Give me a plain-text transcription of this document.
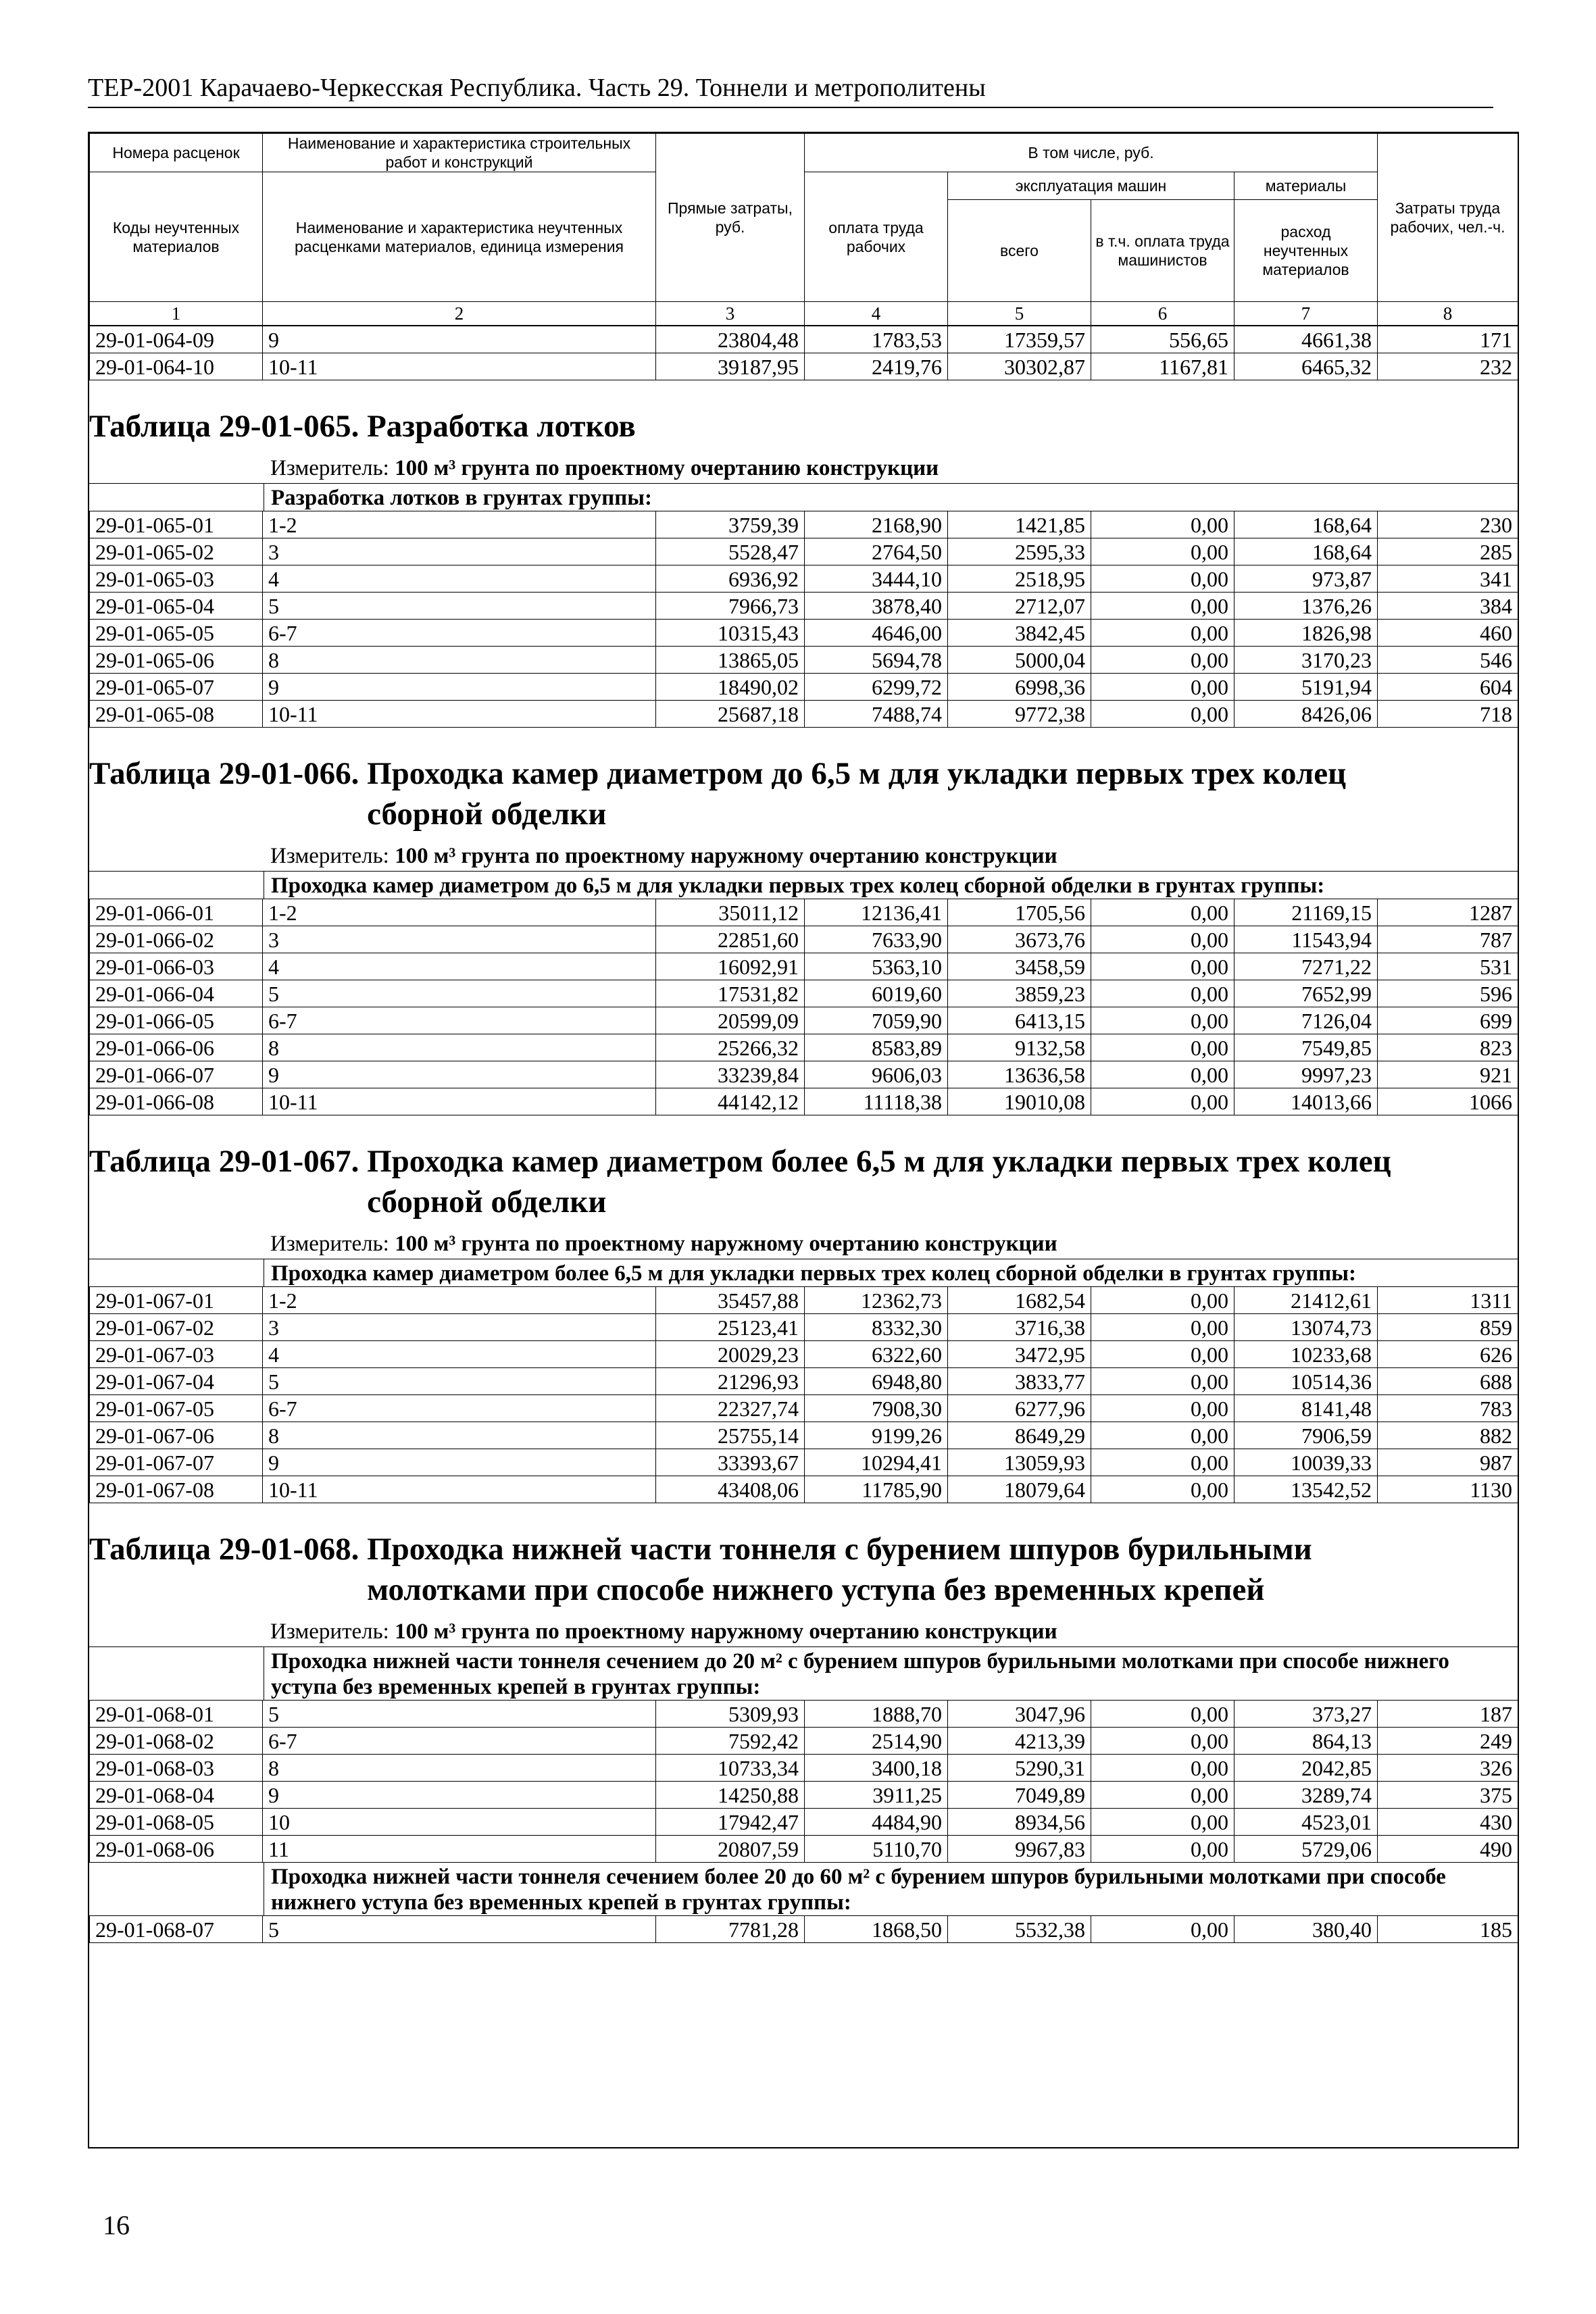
ТЕР-2001 Карачаево-Черкесская Республика. Часть 29. Тоннели и метрополитены
Номера расценок	Наименование и характеристика строительных работ и конструкций	Прямые затраты, руб.	В том числе, руб.				Затраты труда рабочих, чел.-ч.
Коды неучтенных материалов	Наименование и характеристика неучтенных расценками материалов, единица измерения		оплата труда рабочих	эксплуатация машин		материалы	
				всего	в т.ч. оплата труда машинистов	расход неучтенных материалов	
1	2	3	4	5	6	7	8
29-01-064-09	9	23804,48	1783,53	17359,57	556,65	4661,38	171
29-01-064-10	10-11	39187,95	2419,76	30302,87	1167,81	6465,32	232
Таблица 29-01-065. Разработка лотков
Измеритель: 100 м³ грунта по проектному очертанию конструкции
Разработка лотков в грунтах группы:
29-01-065-01	1-2	3759,39	2168,90	1421,85	0,00	168,64	230
29-01-065-02	3	5528,47	2764,50	2595,33	0,00	168,64	285
29-01-065-03	4	6936,92	3444,10	2518,95	0,00	973,87	341
29-01-065-04	5	7966,73	3878,40	2712,07	0,00	1376,26	384
29-01-065-05	6-7	10315,43	4646,00	3842,45	0,00	1826,98	460
29-01-065-06	8	13865,05	5694,78	5000,04	0,00	3170,23	546
29-01-065-07	9	18490,02	6299,72	6998,36	0,00	5191,94	604
29-01-065-08	10-11	25687,18	7488,74	9772,38	0,00	8426,06	718
Таблица 29-01-066. Проходка камер диаметром до 6,5 м для укладки первых трех колец сборной обделки
Измеритель: 100 м³ грунта по проектному наружному очертанию конструкции
Проходка камер диаметром до 6,5 м для укладки первых трех колец сборной обделки в грунтах группы:
29-01-066-01	1-2	35011,12	12136,41	1705,56	0,00	21169,15	1287
29-01-066-02	3	22851,60	7633,90	3673,76	0,00	11543,94	787
29-01-066-03	4	16092,91	5363,10	3458,59	0,00	7271,22	531
29-01-066-04	5	17531,82	6019,60	3859,23	0,00	7652,99	596
29-01-066-05	6-7	20599,09	7059,90	6413,15	0,00	7126,04	699
29-01-066-06	8	25266,32	8583,89	9132,58	0,00	7549,85	823
29-01-066-07	9	33239,84	9606,03	13636,58	0,00	9997,23	921
29-01-066-08	10-11	44142,12	11118,38	19010,08	0,00	14013,66	1066
Таблица 29-01-067. Проходка камер диаметром более 6,5 м для укладки первых трех колец сборной обделки
Измеритель: 100 м³ грунта по проектному наружному очертанию конструкции
Проходка камер диаметром более 6,5 м для укладки первых трех колец сборной обделки в грунтах группы:
29-01-067-01	1-2	35457,88	12362,73	1682,54	0,00	21412,61	1311
29-01-067-02	3	25123,41	8332,30	3716,38	0,00	13074,73	859
29-01-067-03	4	20029,23	6322,60	3472,95	0,00	10233,68	626
29-01-067-04	5	21296,93	6948,80	3833,77	0,00	10514,36	688
29-01-067-05	6-7	22327,74	7908,30	6277,96	0,00	8141,48	783
29-01-067-06	8	25755,14	9199,26	8649,29	0,00	7906,59	882
29-01-067-07	9	33393,67	10294,41	13059,93	0,00	10039,33	987
29-01-067-08	10-11	43408,06	11785,90	18079,64	0,00	13542,52	1130
Таблица 29-01-068. Проходка нижней части тоннеля с бурением шпуров бурильными молотками при способе нижнего уступа без временных крепей
Измеритель: 100 м³ грунта по проектному наружному очертанию конструкции
Проходка нижней части тоннеля сечением до 20 м² с бурением шпуров бурильными молотками при способе нижнего уступа без временных крепей в грунтах группы:
29-01-068-01	5	5309,93	1888,70	3047,96	0,00	373,27	187
29-01-068-02	6-7	7592,42	2514,90	4213,39	0,00	864,13	249
29-01-068-03	8	10733,34	3400,18	5290,31	0,00	2042,85	326
29-01-068-04	9	14250,88	3911,25	7049,89	0,00	3289,74	375
29-01-068-05	10	17942,47	4484,90	8934,56	0,00	4523,01	430
29-01-068-06	11	20807,59	5110,70	9967,83	0,00	5729,06	490
Проходка нижней части тоннеля сечением более 20 до 60 м² с бурением шпуров бурильными молотками при способе нижнего уступа без временных крепей в грунтах группы:
29-01-068-07	5	7781,28	1868,50	5532,38	0,00	380,40	185
16
